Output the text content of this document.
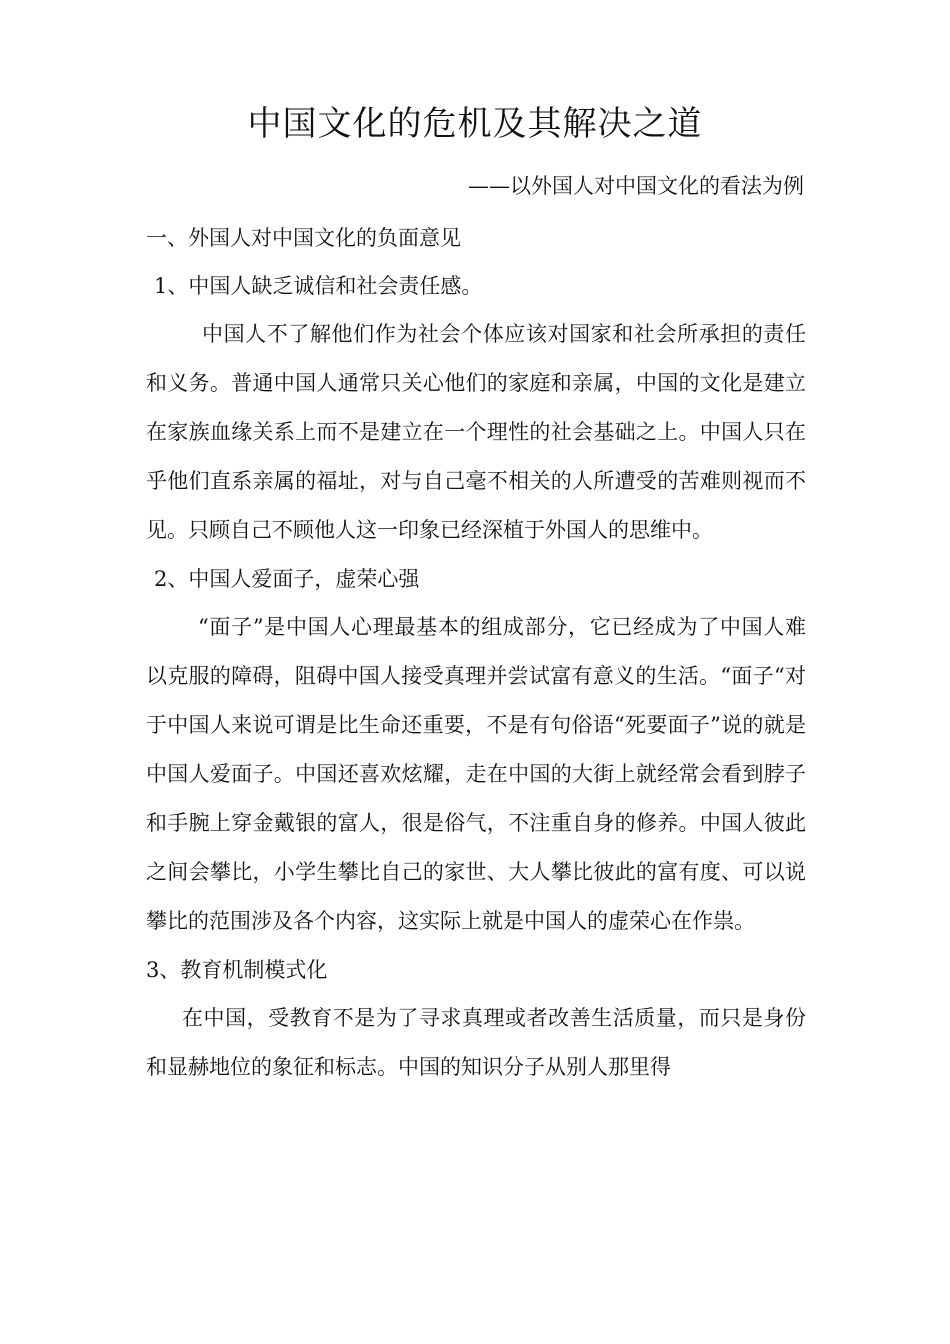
中国文化的危机及其解决之道
——以外国人对中国文化的看法为例

一、外国人对中国文化的负面意见

1、中国人缺乏诚信和社会责任感。

中国人不了解他们作为社会个体应该对国家和社会所承担的责任和义务。普通中国人通常只关心他们的家庭和亲属，中国的文化是建立在家族血缘关系上而不是建立在一个理性的社会基础之上。中国人只在乎他们直系亲属的福址，对与自己毫不相关的人所遭受的苦难则视而不见。只顾自己不顾他人这一印象已经深植于外国人的思维中。

2、中国人爱面子，虚荣心强

“面子”是中国人心理最基本的组成部分，它已经成为了中国人难以克服的障碍，阻碍中国人接受真理并尝试富有意义的生活。“面子“对于中国人来说可谓是比生命还重要，不是有句俗语“死要面子”说的就是中国人爱面子。中国还喜欢炫耀，走在中国的大街上就经常会看到脖子和手腕上穿金戴银的富人，很是俗气，不注重自身的修养。中国人彼此之间会攀比，小学生攀比自己的家世、大人攀比彼此的富有度、可以说攀比的范围涉及各个内容，这实际上就是中国人的虚荣心在作祟。

3、教育机制模式化

在中国，受教育不是为了寻求真理或者改善生活质量，而只是身份和显赫地位的象征和标志。中国的知识分子从别人那里得
